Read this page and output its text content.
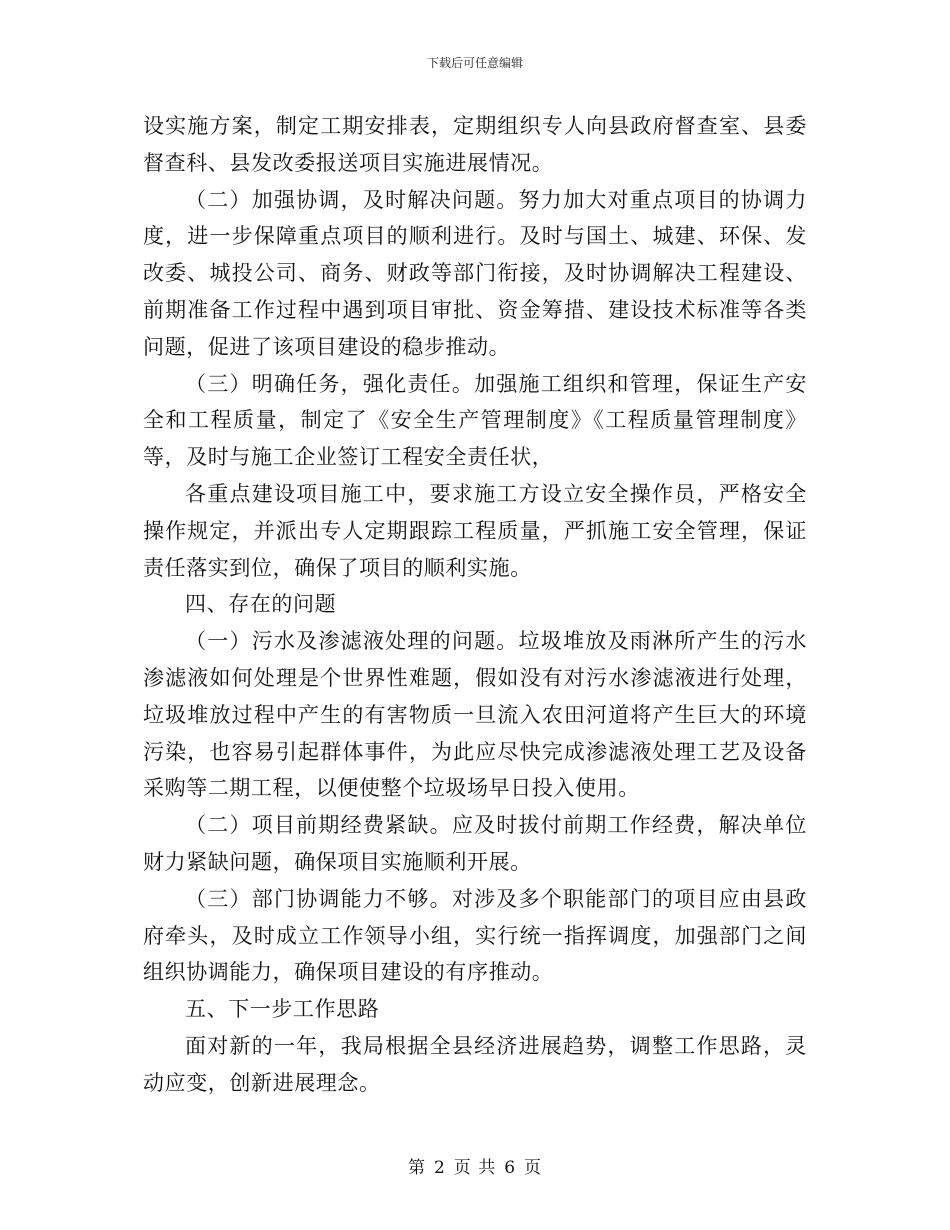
下载后可任意编辑

设实施方案，制定工期安排表，定期组织专人向县政府督查室、县委督查科、县发改委报送项目实施进展情况。

（二）加强协调，及时解决问题。努力加大对重点项目的协调力度，进一步保障重点项目的顺利进行。及时与国土、城建、环保、发改委、城投公司、商务、财政等部门衔接，及时协调解决工程建设、前期准备工作过程中遇到项目审批、资金筹措、建设技术标准等各类问题，促进了该项目建设的稳步推动。

（三）明确任务，强化责任。加强施工组织和管理，保证生产安全和工程质量，制定了《安全生产管理制度》《工程质量管理制度》等，及时与施工企业签订工程安全责任状，

各重点建设项目施工中，要求施工方设立安全操作员，严格安全操作规定，并派出专人定期跟踪工程质量，严抓施工安全管理，保证责任落实到位，确保了项目的顺利实施。

四、存在的问题

（一）污水及渗滤液处理的问题。垃圾堆放及雨淋所产生的污水渗滤液如何处理是个世界性难题，假如没有对污水渗滤液进行处理，垃圾堆放过程中产生的有害物质一旦流入农田河道将产生巨大的环境污染，也容易引起群体事件，为此应尽快完成渗滤液处理工艺及设备采购等二期工程，以便使整个垃圾场早日投入使用。

（二）项目前期经费紧缺。应及时拔付前期工作经费，解决单位财力紧缺问题，确保项目实施顺利开展。

（三）部门协调能力不够。对涉及多个职能部门的项目应由县政府牵头，及时成立工作领导小组，实行统一指挥调度，加强部门之间组织协调能力，确保项目建设的有序推动。

五、下一步工作思路

面对新的一年，我局根据全县经济进展趋势，调整工作思路，灵动应变，创新进展理念。

第 2 页 共 6 页
